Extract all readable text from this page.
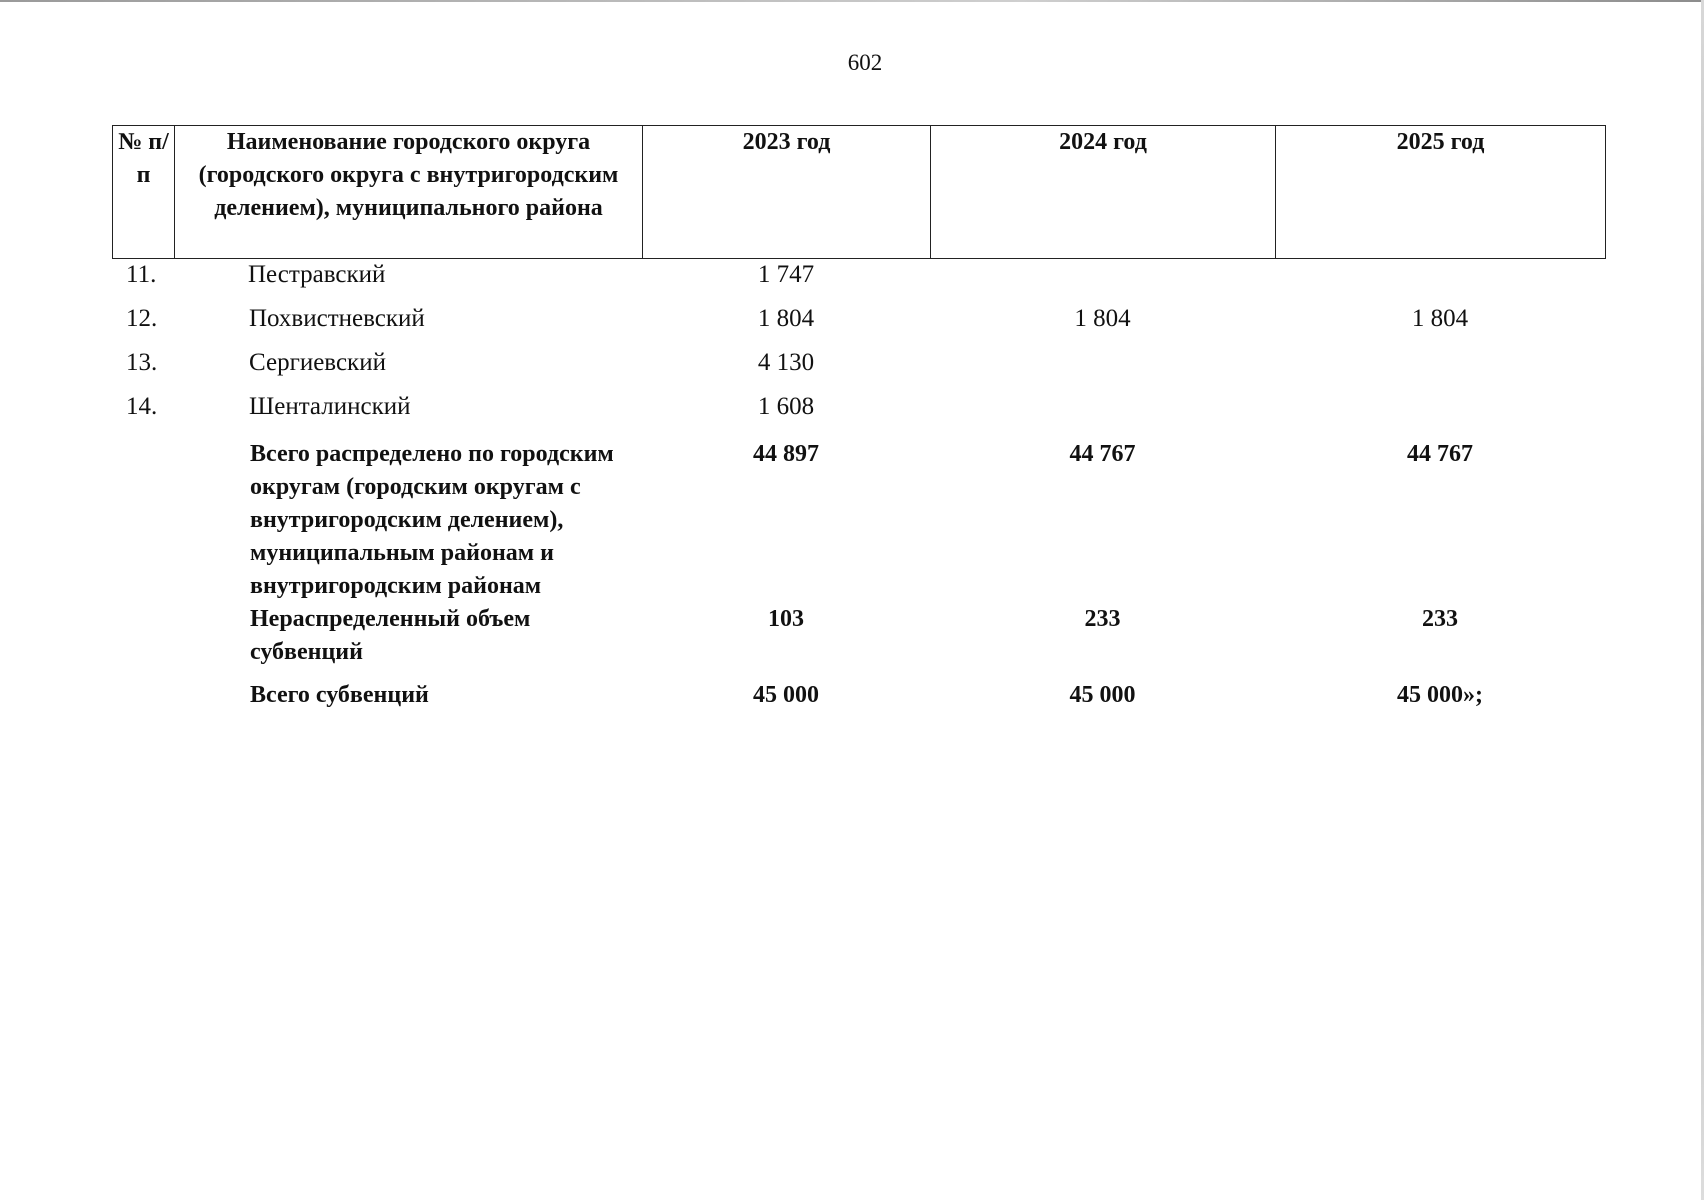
602
№ п/п	Наименование городского округа (городского округа с внутригородским делением), муниципального района	2023 год	2024 год	2025 год
11.	Пестравский	1 747		
12.	Похвистневский	1 804	1 804	1 804
13.	Сергиевский	4 130		
14.	Шенталинский	1 608		
	Всего распределено по городским округам (городским округам с внутригородским делением), муниципальным районам и внутригородским районам	44 897	44 767	44 767
	Нераспределенный объем субвенций	103	233	233
	Всего субвенций	45 000	45 000	45 000»;
